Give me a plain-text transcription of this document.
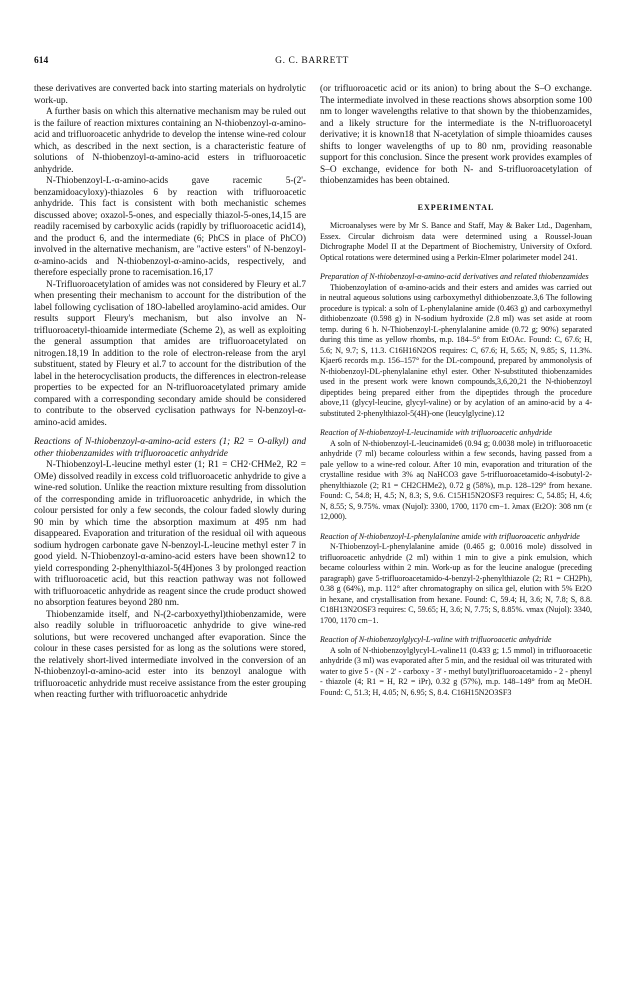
614	G. C. BARRETT

these derivatives are converted back into starting materials on hydrolytic work-up.

A further basis on which this alternative mechanism may be ruled out is the failure of reaction mixtures containing an N-thiobenzoyl-α-amino-acid and trifluoroacetic anhydride to develop the intense wine-red colour which, as described in the next section, is a characteristic feature of solutions of N-thiobenzoyl-α-amino-acid esters in trifluoroacetic anhydride.

N-Thiobenzoyl-L-α-amino-acids gave racemic 5-(2'-benzamidoacyloxy)-thiazoles 6 by reaction with trifluoroacetic anhydride. This fact is consistent with both mechanistic schemes discussed above; oxazol-5-ones, and especially thiazol-5-ones,14,15 are readily racemised by carboxylic acids (rapidly by trifluoroacetic acid14), and the product 6, and the intermediate (6; PhCS in place of PhCO) involved in the alternative mechanism, are "active esters" of N-benzoyl-α-amino-acids and N-thiobenzoyl-α-amino-acids, respectively, and therefore especially prone to racemisation.16,17

N-Trifluoroacetylation of amides was not considered by Fleury et al.7 when presenting their mechanism to account for the distribution of the label following cyclisation of 18O-labelled aroylamino-acid amides. Our results support Fleury's mechanism, but also involve an N-trifluoroacetyl-thioamide intermediate (Scheme 2), as well as exploiting the general assumption that amides are trifluoroacetylated on nitrogen.18,19 In addition to the role of electron-release from the aryl substituent, stated by Fleury et al.7 to account for the distribution of the label in the heterocyclisation products, the differences in electron-release properties to be expected for an N-trifluoroacetylated primary amide compared with a corresponding secondary amide should be considered to contribute to the observed cyclisation pathways for N-benzoyl-α-amino-acid amides.

Reactions of N-thiobenzoyl-α-amino-acid esters (1; R2 = O-alkyl) and other thiobenzamides with trifluoroacetic anhydride

N-Thiobenzoyl-L-leucine methyl ester (1; R1 = CH2·CHMe2, R2 = OMe) dissolved readily in excess cold trifluoroacetic anhydride to give a wine-red solution. Unlike the reaction mixture resulting from dissolution of the corresponding amide in trifluoroacetic anhydride, in which the colour persisted for only a few seconds, the colour faded slowly during 90 min by which time the absorption maximum at 495 nm had disappeared. Evaporation and trituration of the residual oil with aqueous sodium hydrogen carbonate gave N-benzoyl-L-leucine methyl ester 7 in good yield. N-Thiobenzoyl-α-amino-acid esters have been shown12 to yield corresponding 2-phenylthiazol-5(4H)ones 3 by prolonged reaction with trifluoroacetic acid, but this reaction pathway was not followed with trifluoroacetic anhydride as reagent since the crude product showed no absorption features beyond 280 nm.

Thiobenzamide itself, and N-(2-carboxyethyl)thiobenzamide, were also readily soluble in trifluoroacetic anhydride to give wine-red solutions, but were recovered unchanged after evaporation. Since the colour in these cases persisted for as long as the solutions were stored, the relatively short-lived intermediate involved in the conversion of an N-thiobenzoyl-α-amino-acid ester into its benzoyl analogue with trifluoroacetic anhydride must receive assistance from the ester grouping when reacting further with trifluoroacetic anhydride

(or trifluoroacetic acid or its anion) to bring about the S–O exchange. The intermediate involved in these reactions shows absorption some 100 nm to longer wavelengths relative to that shown by the thiobenzamides, and a likely structure for the intermediate is the N-trifluoroacetyl derivative; it is known18 that N-acetylation of simple thioamides causes shifts to longer wavelengths of up to 80 nm, providing reasonable support for this conclusion. Since the present work provides examples of S–O exchange, evidence for both N- and S-trifluoroacetylation of thiobenzamides has been obtained.

EXPERIMENTAL

Microanalyses were by Mr S. Bance and Staff, May & Baker Ltd., Dagenham, Essex. Circular dichroism data were determined using a Roussel-Jouan Dichrographe Model II at the Department of Biochemistry, University of Oxford. Optical rotations were determined using a Perkin-Elmer polarimeter model 241.

Preparation of N-thiobenzoyl-α-amino-acid derivatives and related thiobenzamides

Thiobenzoylation of α-amino-acids and their esters and amides was carried out in neutral aqueous solutions using carboxymethyl dithiobenzoate.3,6 The following procedure is typical: a soln of L-phenylalanine amide (0.463 g) and carboxymethyl dithiobenzoate (0.598 g) in N-sodium hydroxide (2.8 ml) was set aside at room temp. during 6 h. N-Thiobenzoyl-L-phenylalanine amide (0.72 g; 90%) separated during this time as yellow rhombs, m.p. 184–5° from EtOAc. Found: C, 67.6; H, 5.6; N, 9.7; S, 11.3. C16H16N2OS requires: C, 67.6; H, 5.65; N, 9.85; S, 11.3%. Kjaer6 records m.p. 156–157° for the DL-compound, prepared by ammonolysis of N-thiobenzoyl-DL-phenylalanine ethyl ester. Other N-substituted thiobenzamides used in the present work were known compounds,3,6,20,21 the N-thiobenzoyl dipeptides being prepared either from the dipeptides through the procedure above,11 (glycyl-leucine, glycyl-valine) or by acylation of an amino-acid by a 4-substituted 2-phenylthiazol-5(4H)-one (leucylglycine).12

Reaction of N-thiobenzoyl-L-leucinamide with trifluoroacetic anhydride

A soln of N-thiobenzoyl-L-leucinamide6 (0.94 g; 0.0038 mole) in trifluoroacetic anhydride (7 ml) became colourless within a few seconds, having passed from a pale yellow to a wine-red colour. After 10 min, evaporation and trituration of the crystalline residue with 3% aq NaHCO3 gave 5-trifluoroacetamido-4-isobutyl-2-phenylthiazole (2; R1 = CH2CHMe2), 0.72 g (58%), m.p. 128–129° from hexane. Found: C, 54.8; H, 4.5; N, 8.3; S, 9.6. C15H15N2OSF3 requires: C, 54.85; H, 4.6; N, 8.55; S, 9.75%. νmax (Nujol): 3300, 1700, 1170 cm−1. λmax (Et2O): 308 nm (ε 12,000).

Reaction of N-thiobenzoyl-L-phenylalanine amide with trifluoroacetic anhydride

N-Thiobenzoyl-L-phenylalanine amide (0.465 g; 0.0016 mole) dissolved in trifluoroacetic anhydride (2 ml) within 1 min to give a pink emulsion, which became colourless within 2 min. Work-up as for the leucine analogue (preceding paragraph) gave 5-trifluoroacetamido-4-benzyl-2-phenylthiazole (2; R1 = CH2Ph), 0.38 g (64%), m.p. 112° after chromatography on silica gel, elution with 5% Et2O in hexane, and crystallisation from hexane. Found: C, 59.4; H, 3.6; N, 7.8; S, 8.8. C18H13N2OSF3 requires: C, 59.65; H, 3.6; N, 7.75; S, 8.85%. νmax (Nujol): 3340, 1700, 1170 cm−1.

Reaction of N-thiobenzoylglycyl-L-valine with trifluoroacetic anhydride

A soln of N-thiobenzoylglycyl-L-valine11 (0.433 g; 1.5 mmol) in trifluoroacetic anhydride (3 ml) was evaporated after 5 min, and the residual oil was triturated with water to give 5 - (N - 2' - carboxy - 3' - methyl butyl)trifluoroacetamido - 2 - phenyl - thiazole (4; R1 = H, R2 = iPr), 0.32 g (57%), m.p. 148–149° from aq MeOH. Found: C, 51.3; H, 4.05; N, 6.95; S, 8.4. C16H15N2O3SF3
